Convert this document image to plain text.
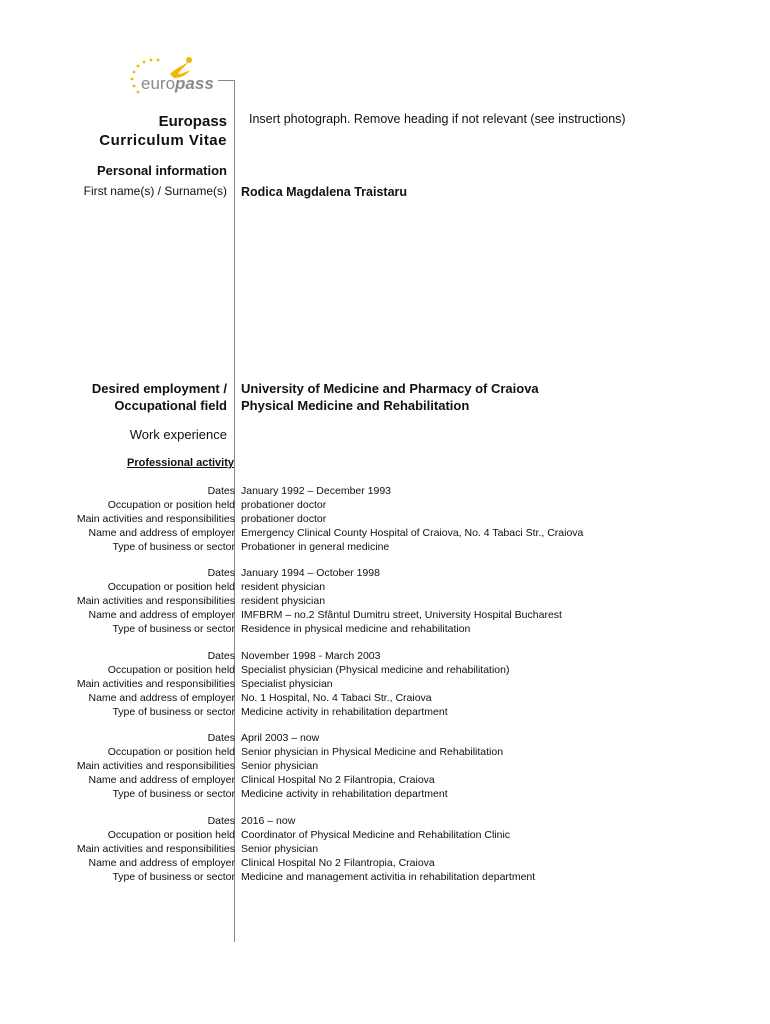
europass
Europass
Curriculum Vitae
Insert photograph. Remove heading if not relevant (see instructions)
Personal information
First name(s) / Surname(s) Rodica Magdalena Traistaru
Desired employment /
Occupational field
University of Medicine and Pharmacy of Craiova
Physical Medicine and Rehabilitation
Work experience
Professional activity
Dates
Occupation or position held
Main activities and responsibilities
Name and address of employer
Type of business or sector
January 1992 – December 1993
probationer doctor
probationer doctor
Emergency Clinical County Hospital of Craiova, No. 4 Tabaci Str., Craiova
Probationer in general medicine
Dates
Occupation or position held
Main activities and responsibilities
Name and address of employer
Type of business or sector
January 1994 – October 1998
resident physician
resident physician
IMFBRM – no.2 Sfântul Dumitru street, University Hospital Bucharest
Residence in physical medicine and rehabilitation
Dates
Occupation or position held
Main activities and responsibilities
Name and address of employer
Type of business or sector
November 1998 - March 2003
Specialist physician (Physical medicine and rehabilitation)
Specialist physician
No. 1 Hospital, No. 4 Tabaci Str., Craiova
Medicine activity in rehabilitation department
Dates
Occupation or position held
Main activities and responsibilities
Name and address of employer
Type of business or sector
April 2003 – now
Senior physician in Physical Medicine and Rehabilitation
Senior physician
Clinical Hospital No 2 Filantropia, Craiova
Medicine activity in rehabilitation department
Dates
Occupation or position held
Main activities and responsibilities
Name and address of employer
Type of business or sector
2016 – now
Coordinator of Physical Medicine and Rehabilitation Clinic
Senior physician
Clinical Hospital No 2 Filantropia, Craiova
Medicine and management activitia in rehabilitation department
